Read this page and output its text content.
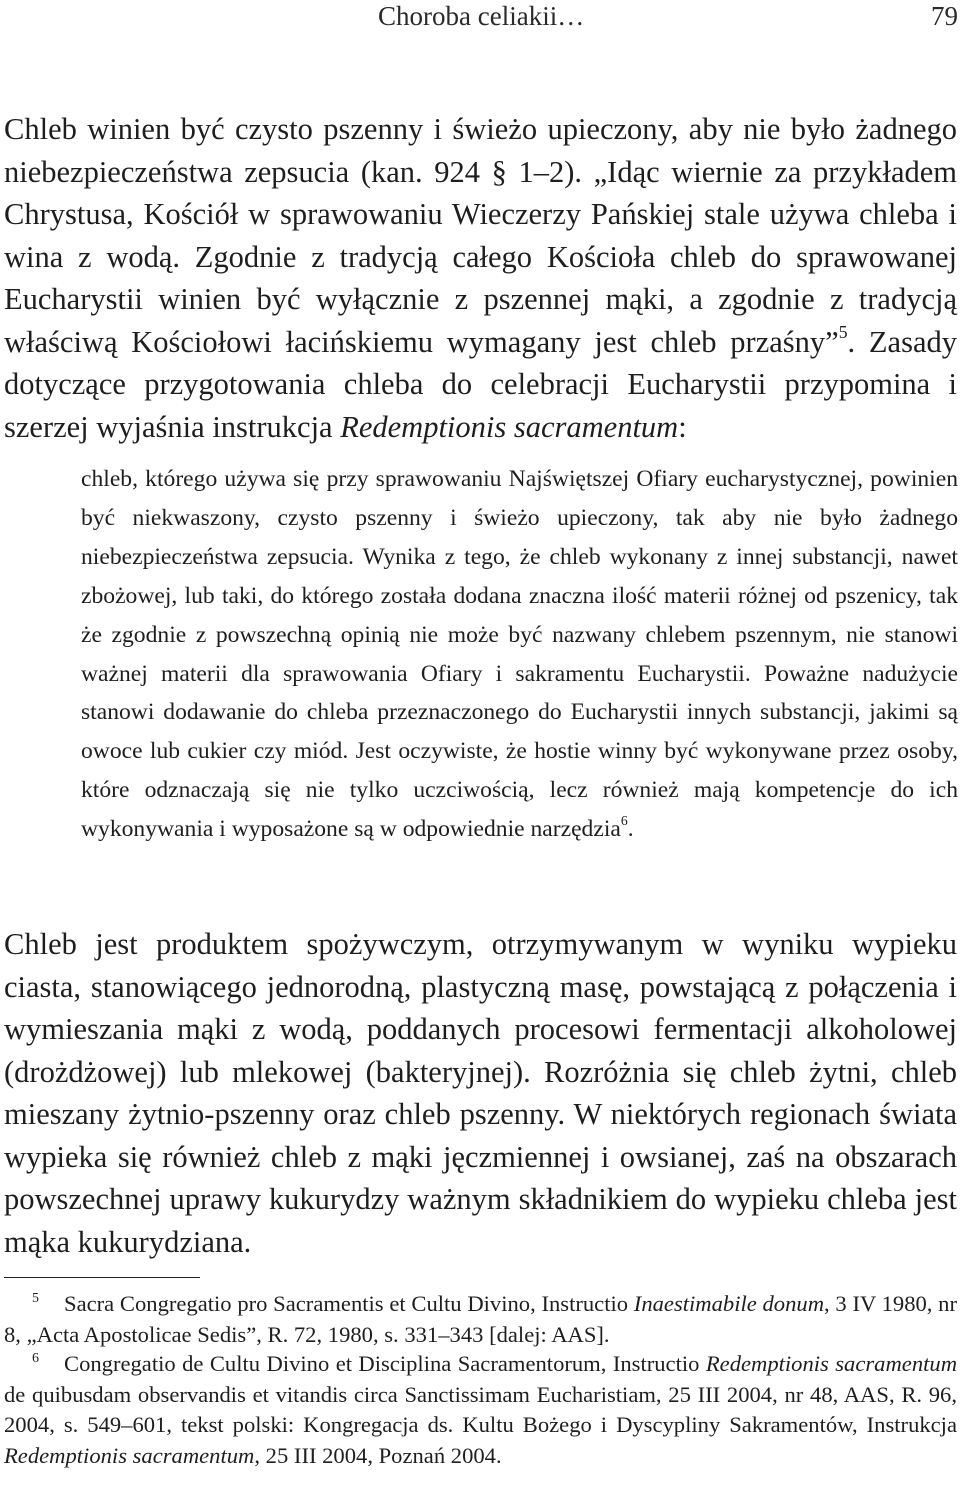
Choroba celiakii…	79

Chleb winien być czysto pszenny i świeżo upieczony, aby nie było żadnego niebezpieczeństwa zepsucia (kan. 924 § 1–2). „Idąc wiernie za przykładem Chrystusa, Kościół w sprawowaniu Wieczerzy Pańskiej stale używa chleba i wina z wodą. Zgodnie z tradycją całego Kościoła chleb do sprawowanej Eucharystii winien być wyłącznie z pszennej mąki, a zgodnie z tradycją właściwą Kościołowi łacińskiemu wymagany jest chleb przaśny”$^5$. Zasady dotyczące przygotowania chleba do celebracji Eucharystii przypomina i szerzej wyjaśnia instrukcja Redemptionis sacramentum:

chleb, którego używa się przy sprawowaniu Najświętszej Ofiary eucharystycznej, powinien być niekwaszony, czysto pszenny i świeżo upieczony, tak aby nie było żadnego niebezpieczeństwa zepsucia. Wynika z tego, że chleb wykonany z innej substancji, nawet zbożowej, lub taki, do którego została dodana znaczna ilość materii różnej od pszenicy, tak że zgodnie z powszechną opinią nie może być nazwany chlebem pszennym, nie stanowi ważnej materii dla sprawowania Ofiary i sakramentu Eucharystii. Poważne nadużycie stanowi dodawanie do chleba przeznaczonego do Eucharystii innych substancji, jakimi są owoce lub cukier czy miód. Jest oczywiste, że hostie winny być wykonywane przez osoby, które odznaczają się nie tylko uczciwością, lecz również mają kompetencje do ich wykonywania i wyposażone są w odpowiednie narzędzia$^6$.

Chleb jest produktem spożywczym, otrzymywanym w wyniku wypieku ciasta, stanowiącego jednorodną, plastyczną masę, powstającą z połączenia i wymieszania mąki z wodą, poddanych procesowi fermentacji alkoholowej (drożdżowej) lub mlekowej (bakteryjnej). Rozróżnia się chleb żytni, chleb mieszany żytnio-pszenny oraz chleb pszenny. W niektórych regionach świata wypieka się również chleb z mąki jęczmiennej i owsianej, zaś na obszarach powszechnej uprawy kukurydzy ważnym składnikiem do wypieku chleba jest mąka kukurydziana.

5 Sacra Congregatio pro Sacramentis et Cultu Divino, Instructio Inaestimabile donum, 3 IV 1980, nr 8, „Acta Apostolicae Sedis”, R. 72, 1980, s. 331–343 [dalej: AAS].

6 Congregatio de Cultu Divino et Disciplina Sacramentorum, Instructio Redemptionis sacramentum de quibusdam observandis et vitandis circa Sanctissimam Eucharistiam, 25 III 2004, nr 48, AAS, R. 96, 2004, s. 549–601, tekst polski: Kongregacja ds. Kultu Bożego i Dyscypliny Sakramentów, Instrukcja Redemptionis sacramentum, 25 III 2004, Poznań 2004.
